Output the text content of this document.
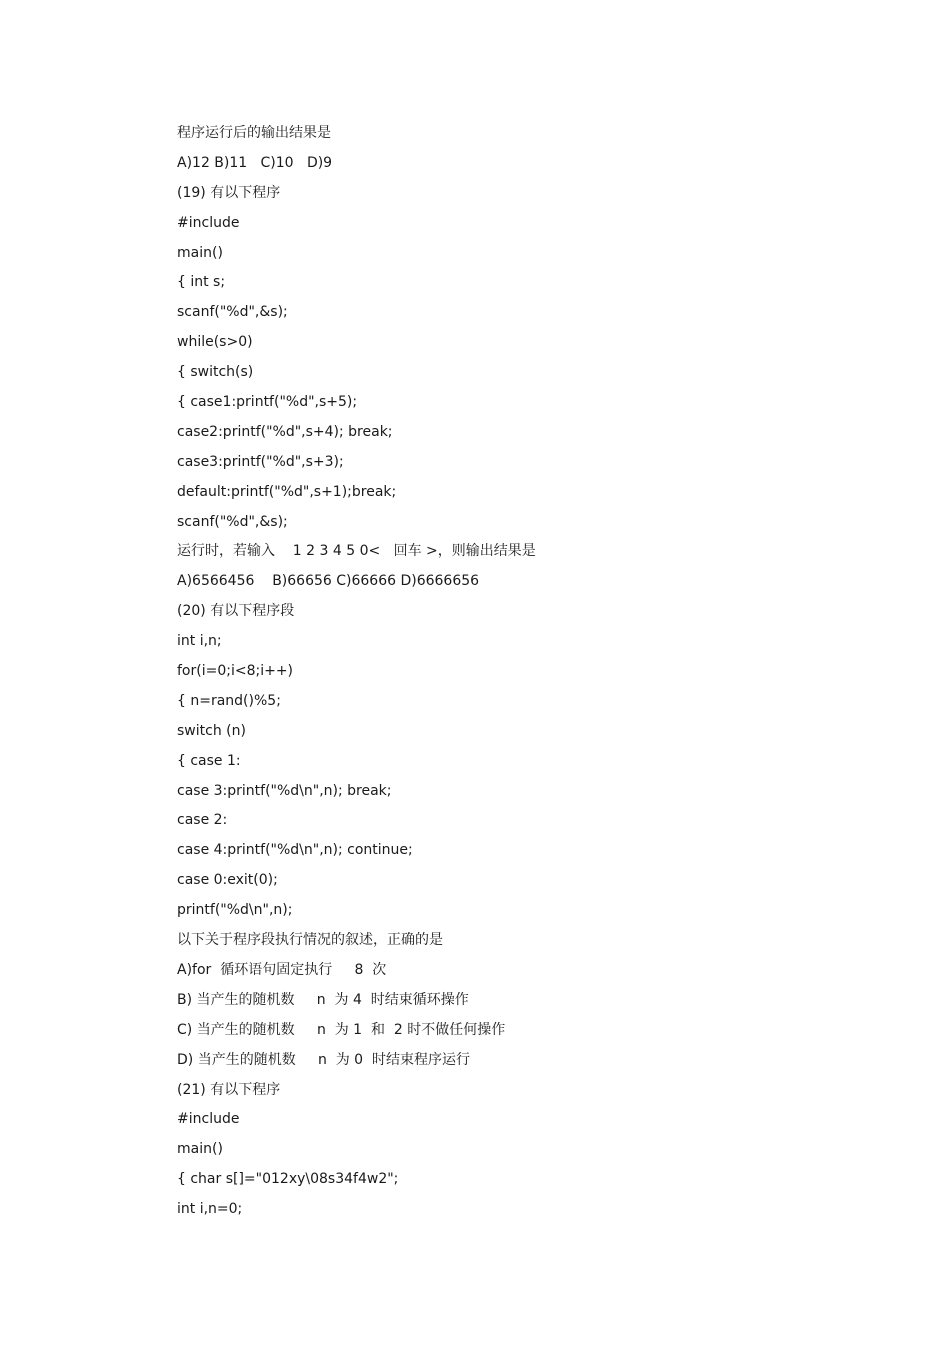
程序运行后的输出结果是
A)12 B)11   C)10   D)9
(19) 有以下程序
#include
main()
{ int s;
scanf("%d",&s);
while(s>0)
{ switch(s)
{ case1:printf("%d",s+5);
case2:printf("%d",s+4); break;
case3:printf("%d",s+3);
default:printf("%d",s+1);break;
scanf("%d",&s);
运行时，若输入    1 2 3 4 5 0<   回车 >，则输出结果是
A)6566456    B)66656 C)66666 D)6666656
(20) 有以下程序段
int i,n;
for(i=0;i<8;i++)
{ n=rand()%5;
switch (n)
{ case 1:
case 3:printf("%d\n",n); break;
case 2:
case 4:printf("%d\n",n); continue;
case 0:exit(0);
printf("%d\n",n);
以下关于程序段执行情况的叙述，正确的是
A)for  循环语句固定执行     8  次
B) 当产生的随机数     n  为 4  时结束循环操作
C) 当产生的随机数     n  为 1  和  2 时不做任何操作
D) 当产生的随机数     n  为 0  时结束程序运行
(21) 有以下程序
#include
main()
{ char s[]="012xy\08s34f4w2";
int i,n=0;
